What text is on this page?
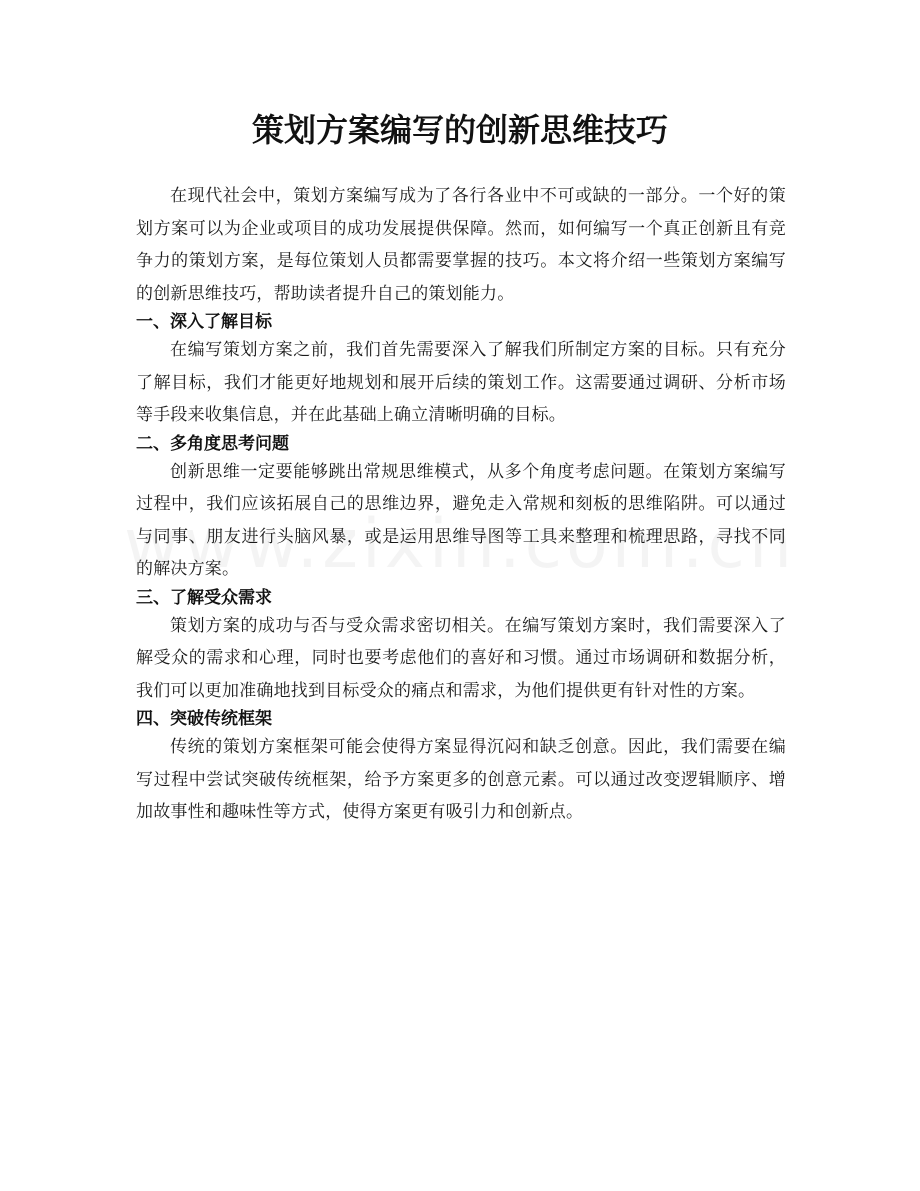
策划方案编写的创新思维技巧

在现代社会中，策划方案编写成为了各行各业中不可或缺的一部分。一个好的策划方案可以为企业或项目的成功发展提供保障。然而，如何编写一个真正创新且有竞争力的策划方案，是每位策划人员都需要掌握的技巧。本文将介绍一些策划方案编写的创新思维技巧，帮助读者提升自己的策划能力。

一、深入了解目标

在编写策划方案之前，我们首先需要深入了解我们所制定方案的目标。只有充分了解目标，我们才能更好地规划和展开后续的策划工作。这需要通过调研、分析市场等手段来收集信息，并在此基础上确立清晰明确的目标。

二、多角度思考问题

创新思维一定要能够跳出常规思维模式，从多个角度考虑问题。在策划方案编写过程中，我们应该拓展自己的思维边界，避免走入常规和刻板的思维陷阱。可以通过与同事、朋友进行头脑风暴，或是运用思维导图等工具来整理和梳理思路，寻找不同的解决方案。

三、了解受众需求

策划方案的成功与否与受众需求密切相关。在编写策划方案时，我们需要深入了解受众的需求和心理，同时也要考虑他们的喜好和习惯。通过市场调研和数据分析，我们可以更加准确地找到目标受众的痛点和需求，为他们提供更有针对性的方案。

四、突破传统框架

传统的策划方案框架可能会使得方案显得沉闷和缺乏创意。因此，我们需要在编写过程中尝试突破传统框架，给予方案更多的创意元素。可以通过改变逻辑顺序、增加故事性和趣味性等方式，使得方案更有吸引力和创新点。
